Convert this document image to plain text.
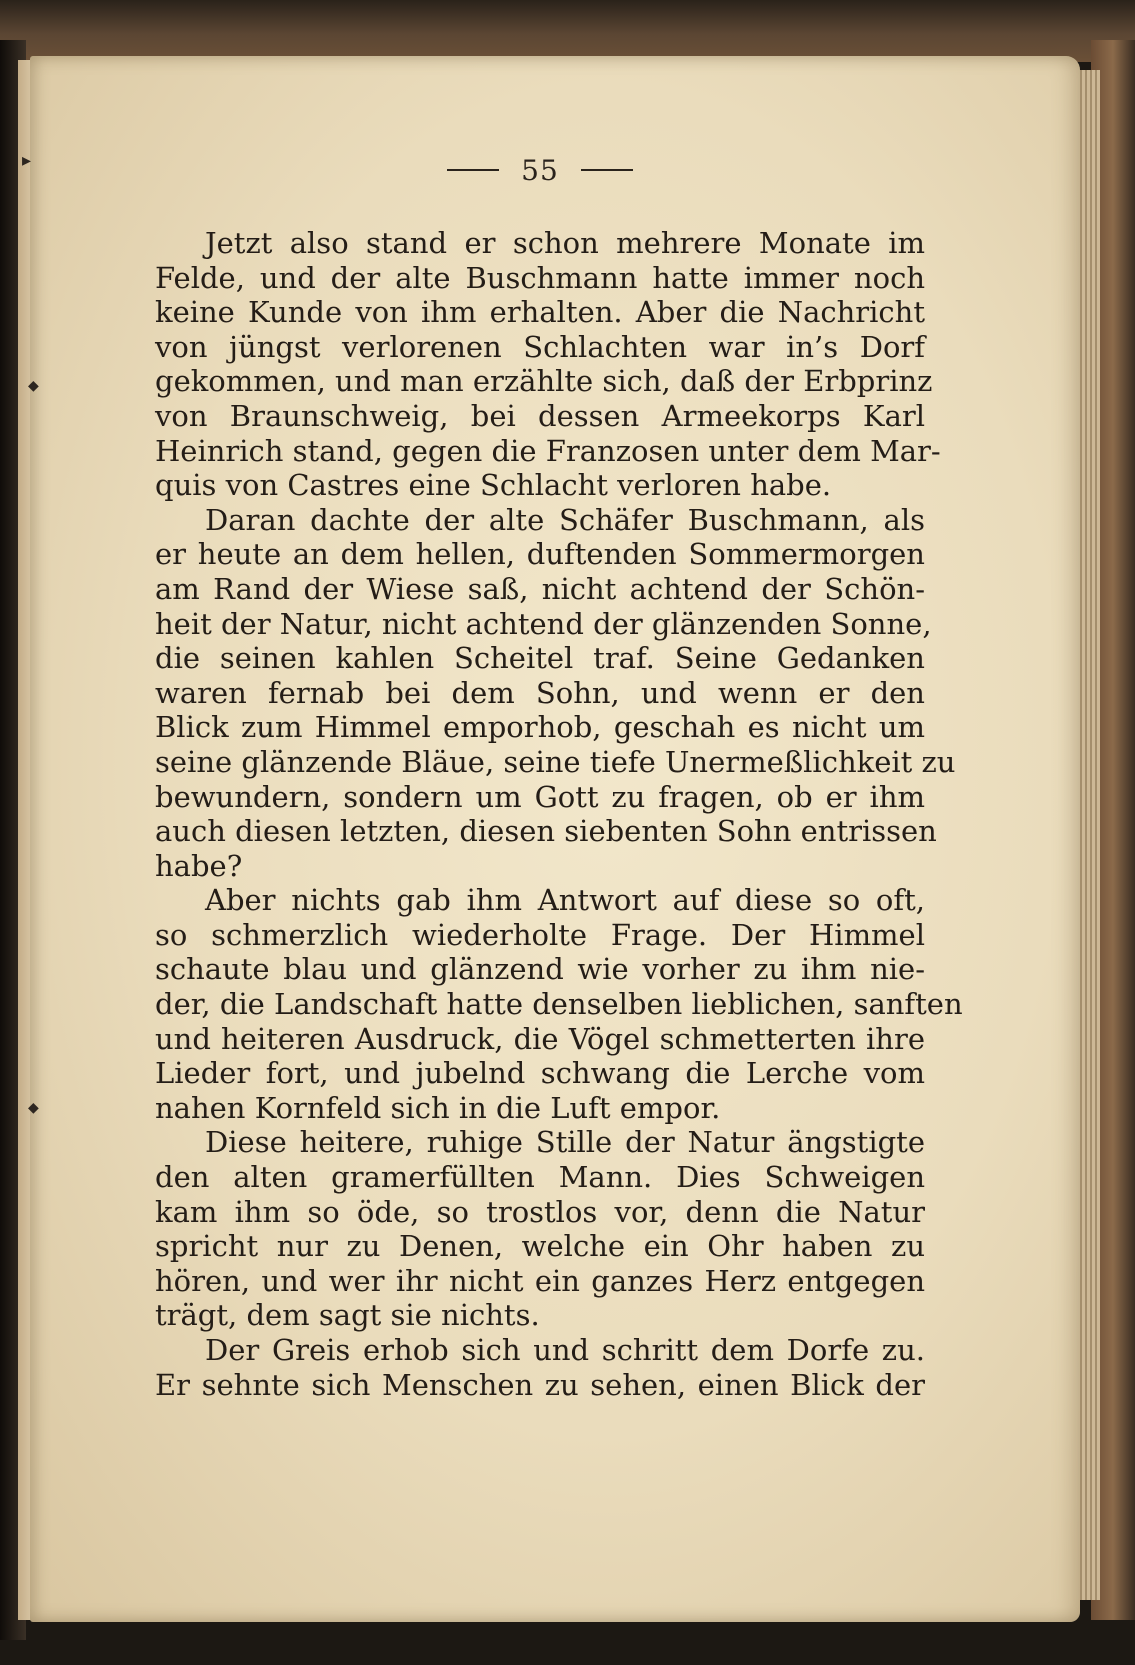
▸
◆
◆
55
Jetzt also stand er schon mehrere Monate im
Felde, und der alte Buschmann hatte immer noch
keine Kunde von ihm erhalten. Aber die Nachricht
von jüngst verlorenen Schlachten war in’s Dorf
gekommen, und man erzählte sich, daß der Erbprinz
von Braunschweig, bei dessen Armeekorps Karl
Heinrich stand, gegen die Franzosen unter dem Mar-
quis von Castres eine Schlacht verloren habe.
Daran dachte der alte Schäfer Buschmann, als
er heute an dem hellen, duftenden Sommermorgen
am Rand der Wiese saß, nicht achtend der Schön-
heit der Natur, nicht achtend der glänzenden Sonne,
die seinen kahlen Scheitel traf. Seine Gedanken
waren fernab bei dem Sohn, und wenn er den
Blick zum Himmel emporhob, geschah es nicht um
seine glänzende Bläue, seine tiefe Unermeßlichkeit zu
bewundern, sondern um Gott zu fragen, ob er ihm
auch diesen letzten, diesen siebenten Sohn entrissen
habe?
Aber nichts gab ihm Antwort auf diese so oft,
so schmerzlich wiederholte Frage. Der Himmel
schaute blau und glänzend wie vorher zu ihm nie-
der, die Landschaft hatte denselben lieblichen, sanften
und heiteren Ausdruck, die Vögel schmetterten ihre
Lieder fort, und jubelnd schwang die Lerche vom
nahen Kornfeld sich in die Luft empor.
Diese heitere, ruhige Stille der Natur ängstigte
den alten gramerfüllten Mann. Dies Schweigen
kam ihm so öde, so trostlos vor, denn die Natur
spricht nur zu Denen, welche ein Ohr haben zu
hören, und wer ihr nicht ein ganzes Herz entgegen
trägt, dem sagt sie nichts.
Der Greis erhob sich und schritt dem Dorfe zu.
Er sehnte sich Menschen zu sehen, einen Blick der
